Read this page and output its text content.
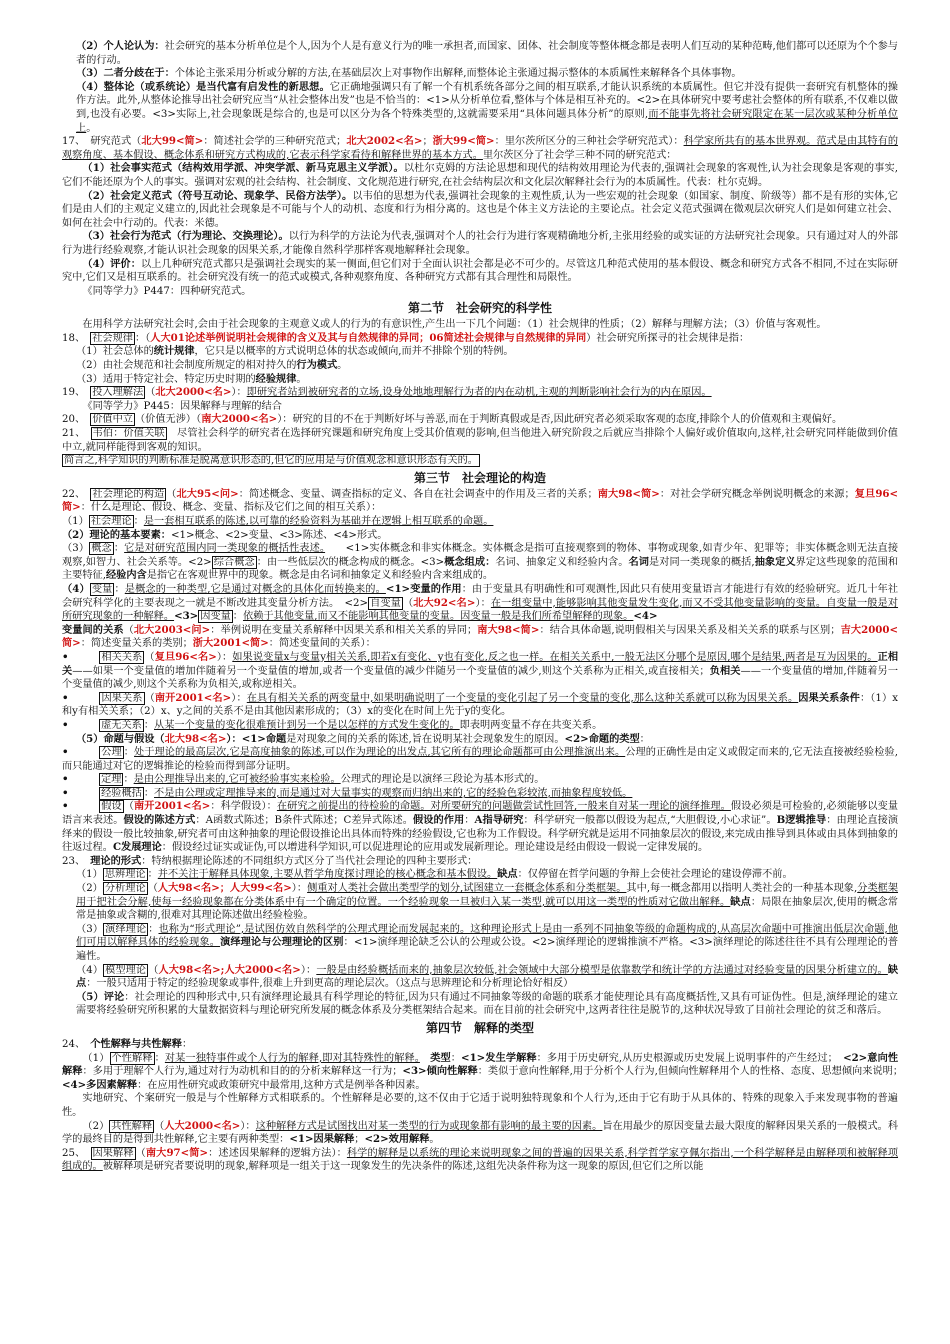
（2）个人论认为：社会研究的基本分析单位是个人,因为个人是有意义行为的唯一承担者,而国家、团体、社会制度等整体概念都是表明人们互动的某种范畴,他们都可以还原为个个参与者的行动。

（3）二者分歧在于：个体论主张采用分析或分解的方法,在基础层次上对事物作出解释,而整体论主张通过揭示整体的本质属性来解释各个具体事物。

（4）整体论（或系统论）是当代富有启发性的新思想。它正确地强调只有了解一个有机系统各部分之间的相互联系,才能认识系统的本质属性。但它并没有提供一套研究有机整体的操作方法。此外,从整体论推导出社会研究应当“从社会整体出发”也是不恰当的：<1>从分析单位看,整体与个体是相互补充的。<2>在具体研究中要考虑社会整体的所有联系,不仅难以做到,也没有必要。<3>实际上,社会现象既是综合的,也是可以区分为各个特殊类型的,这就需要采用“具体问题具体分析”的原则,而不能事先将社会研究限定在某一层次或某种分析单位上。

17、　研究范式（北大99<简>：简述社会学的三种研究范式；北大2002<名>；浙大99<简>：里尔茨所区分的三种社会学研究范式）：科学家所共有的基本世界观。范式是由其特有的观察角度、基本假设、概念体系和研究方式构成的,它表示科学家看待和解释世界的基本方式。里尔茨区分了社会学三种不同的研究范式：

（1）社会事实范式（结构效用学派、冲突学派、新马克思主义学派）。以杜尔克姆的方法论思想和现代的结构效用理论为代表的,强调社会现象的客观性,认为社会现象是客观的事实,它们不能还原为个人的事实。强调对宏观的社会结构、社会制度、文化规范进行研究,在社会结构层次和文化层次解释社会行为的本质属性。代表：杜尔克姆。

（2）社会定义范式（符号互动论、现象学、民俗方法学）。以韦伯的思想为代表,强调社会现象的主观性质,认为一些宏观的社会现象（如国家、制度、阶级等）都不是有形的实体,它们是由人们的主观定义建立的,因此社会现象是不可能与个人的动机、态度和行为相分离的。这也是个体主义方法论的主要论点。社会定义范式强调在微观层次研究人们是如何建立社会、如何在社会中行动的。代表：米德。

（3）社会行为范式（行为理论、交换理论）。以行为科学的方法论为代表,强调对个人的社会行为进行客观精确地分析,主张用经验的或实证的方法研究社会现象。只有通过对人的外部行为进行经验观察,才能认识社会现象的因果关系,才能像自然科学那样客观地解释社会现象。

（4）评价：以上几种研究范式都只是强调社会现实的某一侧面,但它们对于全面认识社会都是必不可少的。尽管这几种范式使用的基本假设、概念和研究方式各不相同,不过在实际研究中,它们又是相互联系的。社会研究没有统一的范式或模式,各种观察角度、各种研究方式都有其合理性和局限性。

《同等学力》P447：四种研究范式。

第二节　社会研究的科学性

在用科学方法研究社会时,会由于社会现象的主观意义或人的行为的有意识性,产生出一下几个问题：（1）社会规律的性质；（2）解释与理解方法；（3）价值与客观性。

18、　社会规律 ：（人大01论述举例说明社会规律的含义及其与自然规律的异同；06简述社会规律与自然规律的异同）社会研究所探寻的社会规律是指：

（1）社会总体的统计规律，它只是以概率的方式说明总体的状态或倾向,而并不排除个别的特例。

（2）由社会规范和社会制度所规定的相对持久的行为模式。

（3）适用于特定社会、特定历史时期的经验规律。

19、　投入理解法 （北大2000<名>）：即研究者站到被研究者的立场,设身处地地理解行为者的内在动机,主观的判断影响社会行为的内在原因。

《同等学力》P445：因果解释与理解的结合

20、　价值中立 （价值无涉）（南大2000<名>）：研究的目的不在于判断好坏与善恶,而在于判断真假或是否,因此研究者必须采取客观的态度,排除个人的价值观和主观偏好。

21、　韦伯：价值关联　尽管社会科学的研究者在选择研究课题和研究角度上受其价值观的影响,但当他进入研究阶段之后就应当排除个人偏好或价值取向,这样,社会研究同样能做到价值中立,就同样能得到客观的知识。

简言之,科学知识的判断标准是脱离意识形态的,但它的应用是与价值观念和意识形态有关的。

第三节　社会理论的构造

22、　社会理论的构造 （北大95<问>：简述概念、变量、调查指标的定义、各自在社会调查中的作用及三者的关系；南大98<简>：对社会学研究概念举例说明概念的来源；复旦96<简>：什么是理论、假设、概念、变量、指标及它们之间的相互关系）：

（1） 社会理论 ：是一套相互联系的陈述,以可靠的经验资料为基础并在逻辑上相互联系的命题。

（2）理论的基本要素：<1>概念、<2>变量、<3>陈述、<4>形式。

（3） 概念 ：它是对研究范围内同一类现象的概括性表述。　　<1>实体概念和非实体概念。实体概念是指可直接观察到的物体、事物或现象,如青少年、犯罪等；非实体概念则无法直接观察,如智力、社会关系等。<2> 综合概念 ：由一些低层次的概念构成的概念。<3>概念组成：名词、抽象定义和经验内含。名词是对同一类现象的概括,抽象定义界定这些现象的范围和主要特征,经验内含是指它在客观世界中的现象。概念是由名词和抽象定义和经验内含来组成的。

（4） 变量 ：是概念的一种类型,它是通过对概念的具体化而转换来的。<1>变量的作用：由于变量具有明确性和可观测性,因此只有使用变量语言才能进行有效的经验研究。近几十年社会研究科学化的主要表现之一就是不断改进其变量分析方法。　<2> 自变量 （北大92<名>）：在一组变量中,能够影响其他变量发生变化,而又不受其他变量影响的变量。自变量一般是对所研究现象的一种解释。<3> 因变量 ：依赖于其他变量,而又不能影响其他变量的变量。因变量一般是我们所希望解释的现象。<4>

变量间的关系（北大2003<问>：举例说明在变量关系解释中因果关系和相关关系的异同；南大98<简>：结合具体命题,说明假相关与因果关系及相关关系的联系与区别；吉大2000<简>：简述变量关系的类别；浙大2001<简>：简述变量间的关系）：

•　　　相关关系 （复旦96<名>）：如果说变量x与变量y相关关系,即若x有变化、y也有变化,反之也一样。在相关关系中,一般无法区分哪个是原因,哪个是结果,两者是互为因果的。正相关——如果一个变量值的增加伴随着另一个变量值的增加,或者一个变量值的减少伴随另一个变量值的减少,则这个关系称为正相关,或直接相关；负相关——一个变量值的增加,伴随着另一个变量值的减少,则这个关系称为负相关,或称逆相关。

•　　　因果关系 （南开2001<名>）：在具有相关关系的两变量中,如果明确说明了一个变量的变化引起了另一个变量的变化,那么这种关系就可以称为因果关系。因果关系条件：（1）x和y有相关关系；（2）x、y之间的关系不是由其他因素形成的；（3）x的变化在时间上先于y的变化。

•　　　虚无关系 ：从某一个变量的变化很难预计到另一个是以怎样的方式发生变化的。即表明两变量不存在共变关系。

（5）命题与假设（北大98<名>）：<1>命题是对现象之间的关系的陈述,旨在说明某社会现象发生的原因。<2>命题的类型：

•　　　公理 ：处于理论的最高层次,它是高度抽象的陈述,可以作为理论的出发点,其它所有的理论命题都可由公理推演出来。公理的正确性是由定义或假定而来的,它无法直接被经验检验,而只能通过对它的逻辑推论的检验而得到部分证明。

•　　　定理 ：是由公理推导出来的,它可被经验事实来检验。公理式的理论是以演绎三段论为基本形式的。

•　　　经验概括 ：不是由公理或定理推导来的,而是通过对大量事实的观察而归纳出来的,它的经验色彩较浓,而抽象程度较低。

•　　　假设 （南开2001<名>：科学假设）：在研究之前提出的待检验的命题。对所要研究的问题做尝试性回答,一般来自对某一理论的演绎推理。假设必须是可检验的,必须能够以变量语言来表述。假设的陈述方式：A函数式陈述；B条件式陈述；C差异式陈述。假设的作用：A指导研究：科学研究一般都以假设为起点,“大胆假设,小心求证”。B逻辑推导：由理论直接演绎来的假设一般比较抽象,研究者可由这种抽象的理论假设推论出具体而特殊的经验假设,它也称为工作假设。科学研究就是运用不同抽象层次的假设,来完成由推导到具体或由具体到抽象的往返过程。C发展理论：假设经过证实或证伪,可以增进科学知识,可以促进理论的应用或发展新理论。理论建设是经由假设一假说一定律发展的。

23、　理论的形式：特纳根据理论陈述的不同组织方式区分了当代社会理论的四种主要形式：

（1） 思辨理论 ：并不关注于解释具体现象,主要从哲学角度探讨理论的核心概念和基本假设。缺点：仅停留在哲学问题的争辩上会使社会理论的建设停滞不前。

（2） 分析理论 （人大98<名>；人大99<名>）：侧重对人类社会做出类型学的划分,试图建立一套概念体系和分类框架。其中,每一概念都用以指明人类社会的一种基本现象,分类框架用于把社会分解,使每一经验现象都在分类体系中有一个确定的位置。一个经验现象一旦被归入某一类型,就可以用这一类型的性质对它做出解释。缺点：局限在抽象层次,使用的概念常常是抽象或含糊的,很难对其理论陈述做出经验检验。

（3） 演绎理论 ：也称为“形式理论”,是试图仿效自然科学的公理式理论而发展起来的。这种理论形式上是由一系列不同抽象等级的命题构成的,从高层次命题中可推演出低层次命题,他们可用以解释具体的经验现象。演绎理论与公理理论的区别：<1>演绎理论缺乏公认的公理或公设。<2>演绎理论的逻辑推演不严格。<3>演绎理论的陈述往往不具有公理理论的普遍性。

（4） 模型理论 （人大98<名>;人大2000<名>）：一般是由经验概括而来的,抽象层次较低,社会领域中大部分模型是依靠数学和统计学的方法通过对经验变量的因果分析建立的。缺点：一般只适用于特定的经验现象或事件,很难上升到更高的理论层次。（这点与思辨理论和分析理论恰好相反）

（5）评论：社会理论的四种形式中,只有演绎理论最具有科学理论的特征,因为只有通过不同抽象等级的命题的联系才能使理论具有高度概括性,又具有可证伪性。但是,演绎理论的建立需要将经验研究所积累的大量数据资料与理论研究所发展的概念体系及分类框架结合起来。而在目前的社会研究中,这两者往往是脱节的,这种状况导致了目前社会理论的贫乏和落后。

第四节　解释的类型

24、　个性解释与共性解释：

（1） 个性解释 ：对某一独特事件或个人行为的解释,即对其特殊性的解释。　类型：<1>发生学解释：多用于历史研究,从历史根源或历史发展上说明事件的产生经过；　<2>意向性解释：多用于理解个人行为,通过对行为动机和目的的分析来解释这一行为；<3>倾向性解释：类似于意向性解释,用于分析个人行为,但倾向性解释用个人的性格、态度、思想倾向来说明；　<4>多因素解释：在应用性研究或政策研究中最常用,这种方式是例举各种因素。

实地研究、个案研究一般是与个性解释方式相联系的。个性解释是必要的,这不仅由于它适于说明独特现象和个人行为,还由于它有助于从具体的、特殊的现象入手来发现事物的普遍性。

（2） 共性解释 （人大2000<名>）：这种解释方式是试图找出对某一类型的行为或现象都有影响的最主要的因素。旨在用最少的原因变量去最大限度的解释因果关系的一般模式。科学的最终目的是得到共性解释,它主要有两种类型：<1>因果解释；<2>效用解释。

25、　因果解释 （南大97<简>：述述因果解释的逻辑方法）：科学的解释是以系统的理论来说明现象之间的普遍的因果关系,科学哲学家亨佩尔指出,一个科学解释是由解释项和被解释项组成的。被解释项是研究者要说明的现象,解释项是一组关于这一现象发生的先决条件的陈述,这组先决条件称为这一现象的原因,但它们之所以能
